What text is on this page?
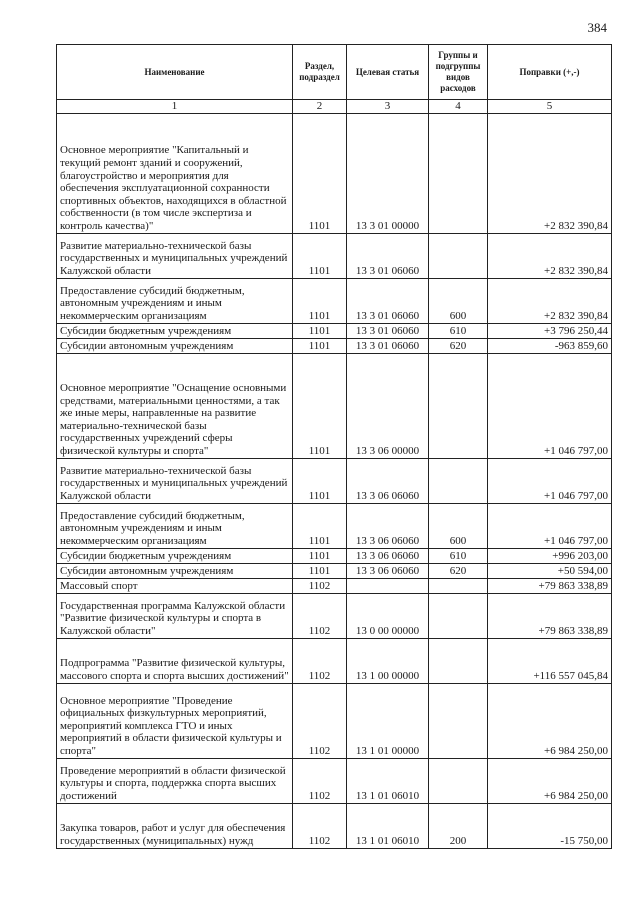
384
Наименование	Раздел, подраздел	Целевая статья	Группы и подгруппы видов расходов	Поправки (+,-)
1	2	3	4	5
Основное мероприятие "Капитальный и текущий ремонт зданий и сооружений, благоустройство и мероприятия для обеспечения эксплуатационной сохранности спортивных объектов, находящихся в областной собственности (в том числе экспертиза и контроль качества)"	1101	13 3 01 00000		+2 832 390,84
Развитие материально-технической базы государственных и муниципальных учреждений Калужской области	1101	13 3 01 06060		+2 832 390,84
Предоставление субсидий бюджетным, автономным учреждениям и иным некоммерческим организациям	1101	13 3 01 06060	600	+2 832 390,84
Субсидии бюджетным учреждениям	1101	13 3 01 06060	610	+3 796 250,44
Субсидии автономным учреждениям	1101	13 3 01 06060	620	-963 859,60
Основное мероприятие "Оснащение основными средствами, материальными ценностями, а так же иные меры, направленные на развитие материально-технической базы государственных учреждений сферы физической культуры и спорта"	1101	13 3 06 00000		+1 046 797,00
Развитие материально-технической базы государственных и муниципальных учреждений Калужской области	1101	13 3 06 06060		+1 046 797,00
Предоставление субсидий бюджетным, автономным учреждениям и иным некоммерческим организациям	1101	13 3 06 06060	600	+1 046 797,00
Субсидии бюджетным учреждениям	1101	13 3 06 06060	610	+996 203,00
Субсидии автономным учреждениям	1101	13 3 06 06060	620	+50 594,00
Массовый спорт	1102			+79 863 338,89
Государственная программа Калужской области "Развитие физической культуры и спорта в Калужской области"	1102	13 0 00 00000		+79 863 338,89
Подпрограмма "Развитие физической культуры, массового спорта и спорта высших достижений"	1102	13 1 00 00000		+116 557 045,84
Основное мероприятие "Проведение официальных физкультурных мероприятий, мероприятий комплекса ГТО и иных мероприятий в области физической культуры и спорта"	1102	13 1 01 00000		+6 984 250,00
Проведение мероприятий в области физической культуры и спорта, поддержка спорта высших достижений	1102	13 1 01 06010		+6 984 250,00
Закупка товаров, работ и услуг для обеспечения государственных (муниципальных) нужд	1102	13 1 01 06010	200	-15 750,00
